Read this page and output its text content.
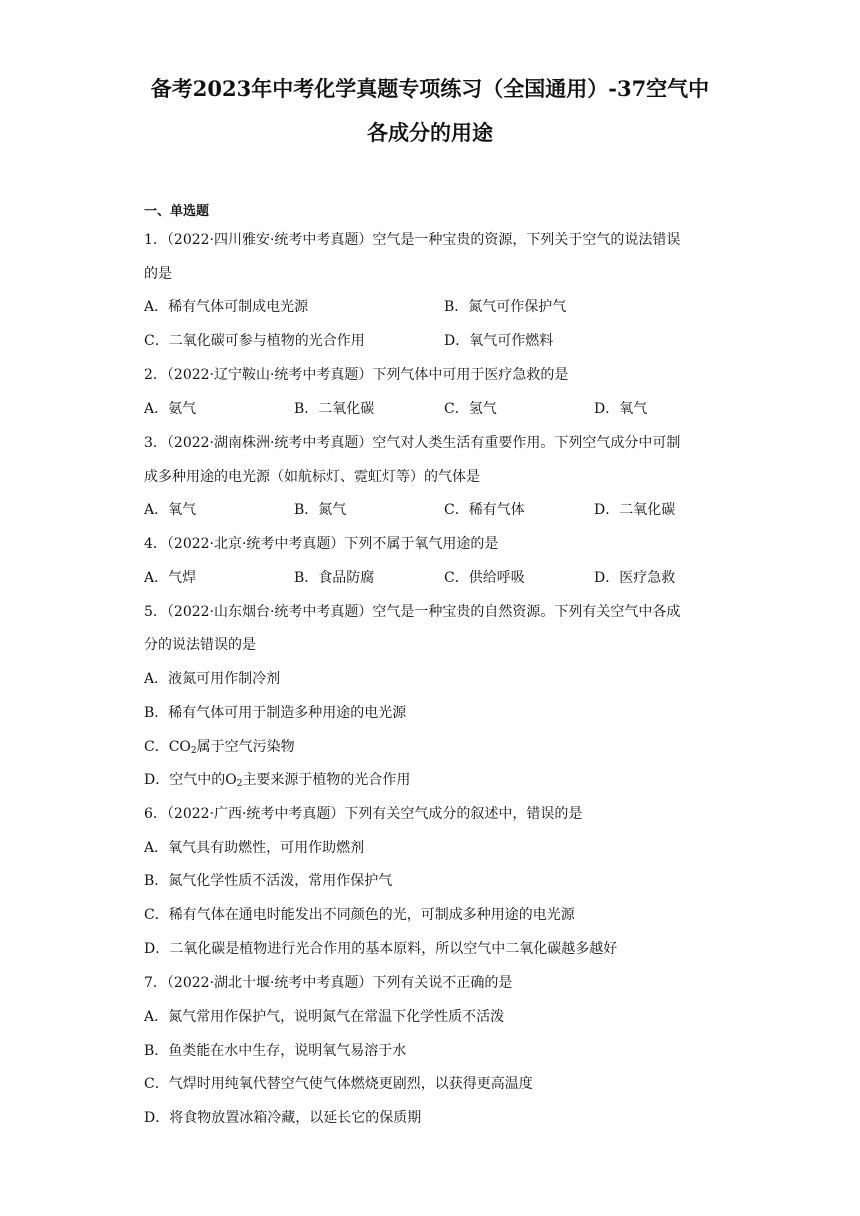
备考2023年中考化学真题专项练习（全国通用）-37空气中
各成分的用途
一、单选题
1．（2022·四川雅安·统考中考真题）空气是一种宝贵的资源，下列关于空气的说法错误
的是
A．稀有气体可制成电光源	B．氮气可作保护气
C．二氧化碳可参与植物的光合作用	D．氧气可作燃料
2．（2022·辽宁鞍山·统考中考真题）下列气体中可用于医疗急救的是
A．氨气	B．二氧化碳	C．氢气	D．氧气
3．（2022·湖南株洲·统考中考真题）空气对人类生活有重要作用。下列空气成分中可制
成多种用途的电光源（如航标灯、霓虹灯等）的气体是
A．氧气	B．氮气	C．稀有气体	D．二氧化碳
4．（2022·北京·统考中考真题）下列不属于氧气用途的是
A．气焊	B．食品防腐	C．供给呼吸	D．医疗急救
5．（2022·山东烟台·统考中考真题）空气是一种宝贵的自然资源。下列有关空气中各成
分的说法错误的是
A．液氮可用作制冷剂
B．稀有气体可用于制造多种用途的电光源
C．$CO_2$属于空气污染物
D．空气中的$O_2$主要来源于植物的光合作用
6．（2022·广西·统考中考真题）下列有关空气成分的叙述中，错误的是
A．氧气具有助燃性，可用作助燃剂
B．氮气化学性质不活泼，常用作保护气
C．稀有气体在通电时能发出不同颜色的光，可制成多种用途的电光源
D．二氧化碳是植物进行光合作用的基本原料，所以空气中二氧化碳越多越好
7．（2022·湖北十堰·统考中考真题）下列有关说不正确的是
A．氮气常用作保护气，说明氮气在常温下化学性质不活泼
B．鱼类能在水中生存，说明氧气易溶于水
C．气焊时用纯氧代替空气使气体燃烧更剧烈，以获得更高温度
D．将食物放置冰箱冷藏，以延长它的保质期
